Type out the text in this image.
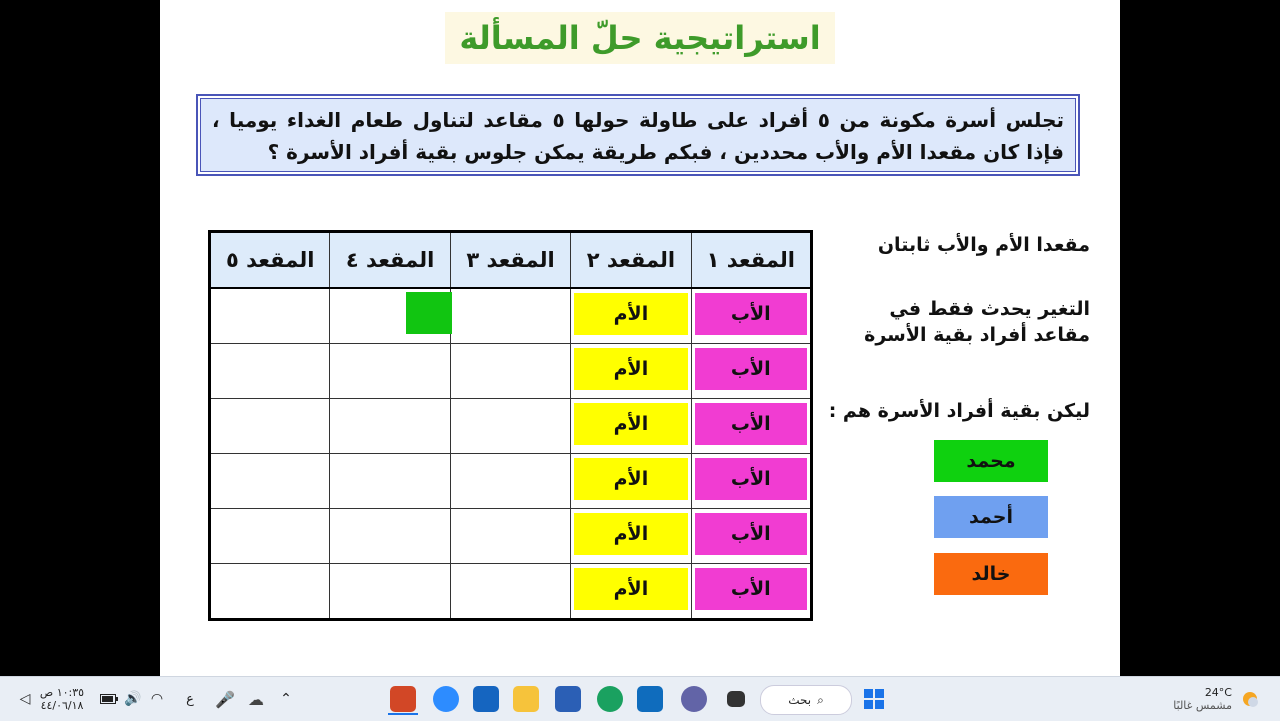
استراتيجية حلّ المسألة
تجلس أسرة مكونة من ٥ أفراد على طاولة حولها ٥ مقاعد لتناول طعام الغداء يوميا ، فإذا كان مقعدا الأم والأب محددين ، فبكم طريقة يمكن جلوس بقية أفراد الأسرة ؟
المقعد ١	المقعد ٢	المقعد ٣	المقعد ٤	المقعد ٥

الأب	الأم			

الأب	الأم			

الأب	الأم			

الأب	الأم			

الأب	الأم			

الأب	الأم			

مقعدا الأم والأب ثابتان
التغير يحدث فقط في مقاعد أفراد بقية الأسرة
ليكن بقية أفراد الأسرة هم :
محمد
أحمد
خالد
24°C
مشمس غالبًا
⌕
بحث
⌃
☁
🎤
ع
◠
🔊
١٠:٣٥ ص
٤٤/٠٦/١٨
◁
